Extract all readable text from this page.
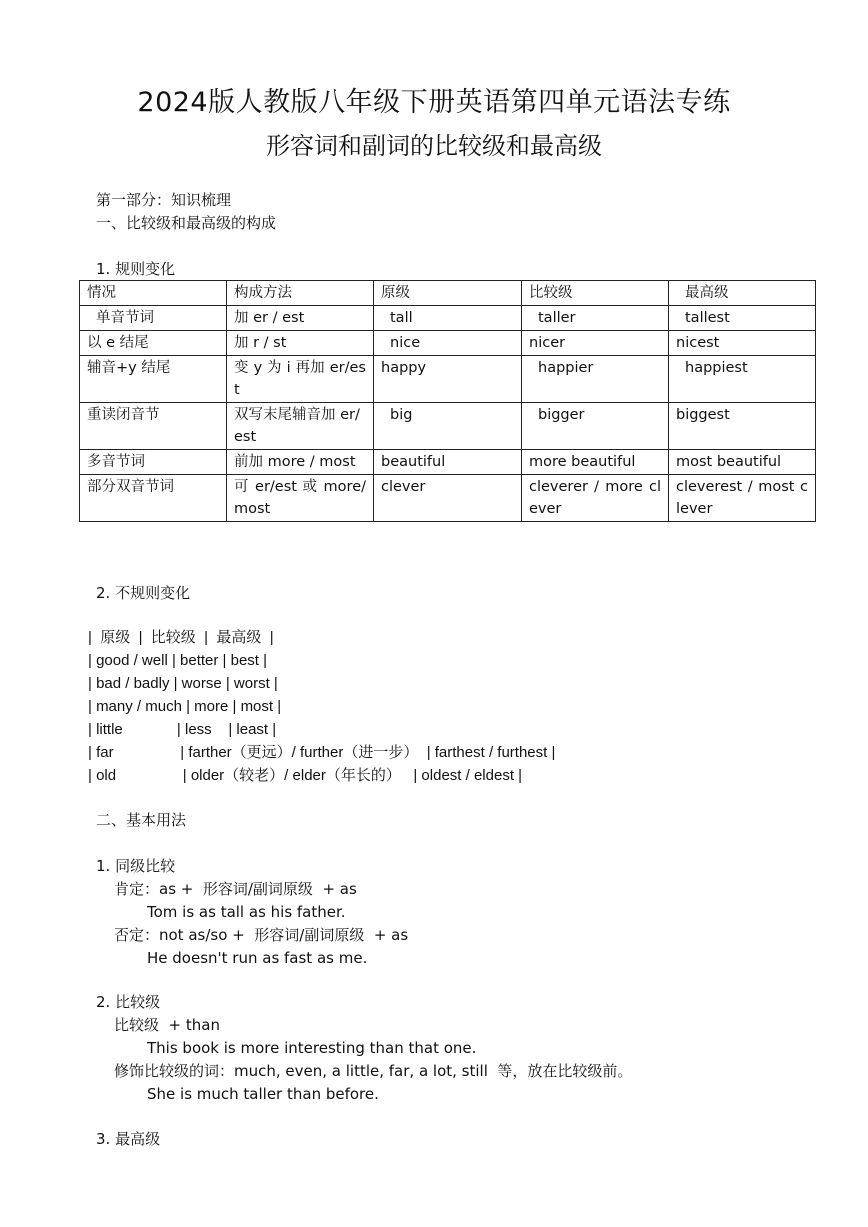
2024版人教版八年级下册英语第四单元语法专练
形容词和副词的比较级和最高级
第一部分：知识梳理
一、比较级和最高级的构成
1. 规则变化
情况	构成方法	原级	比较级	最高级
单音节词	加 er / est	tall	taller	tallest
以 e 结尾	加 r / st	nice	nicer	nicest
辅音+y 结尾	变 y 为 i 再加 er/est	happy	happier	happiest
重读闭音节	双写末尾辅音加 er/est	big	bigger	biggest
多音节词	前加 more / most	beautiful	more beautiful	most beautiful
部分双音节词	可 er/est 或 more/most	clever	cleverer / more clever	cleverest / most clever
2. 不规则变化
|  原级  |  比较级  |  最高级  |
| good / well | better | best |
| bad / badly | worse | worst |
| many / much | more | most |
| little             | less    | least |
| far                | farther（更远）/ further（进一步）  | farthest / furthest |
| old                | older（较老）/ elder（年长的）   | oldest / eldest |
二、基本用法
1. 同级比较
肯定：as +  形容词/副词原级  + as
Tom is as tall as his father.
否定：not as/so +  形容词/副词原级  + as
He doesn't run as fast as me.
2. 比较级
比较级  + than
This book is more interesting than that one.
修饰比较级的词：much, even, a little, far, a lot, still  等，放在比较级前。
She is much taller than before.
3. 最高级
